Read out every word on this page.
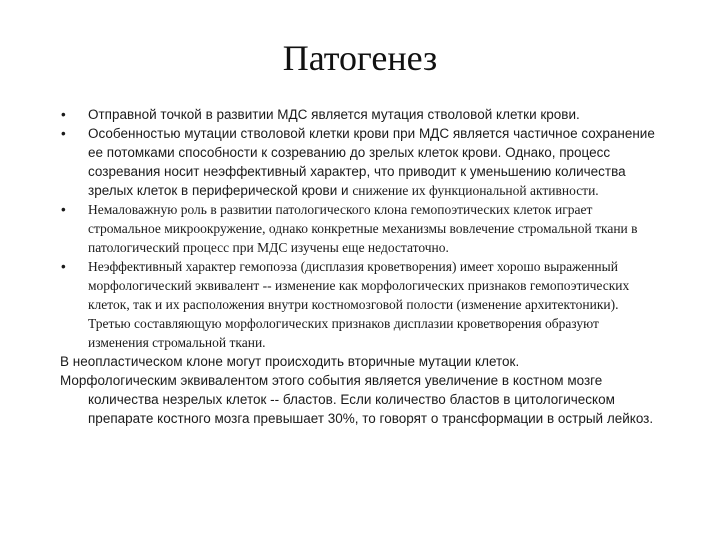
Патогенез
• Отправной точкой в развитии МДС является мутация стволовой клетки крови.
• Особенностью мутации стволовой клетки крови при МДС является частичное сохранение ее потомками способности к созреванию до зрелых клеток крови. Однако, процесс созревания носит неэффективный характер, что приводит к уменьшению количества зрелых клеток в периферической крови и снижение их функциональной активности.
• Немаловажную роль в развитии патологического клона гемопоэтических клеток играет стромальное микроокружение, однако конкретные механизмы вовлечение стромальной ткани в патологический процесс при МДС изучены еще недостаточно.
• Неэффективный характер гемопоэза (дисплазия кроветворения) имеет хорошо выраженный морфологический эквивалент -- изменение как морфологических признаков гемопоэтических клеток, так и их расположения внутри костномозговой полости (изменение архитектоники). Третью составляющую морфологических признаков дисплазии кроветворения образуют изменения стромальной ткани.
В неопластическом клоне могут происходить вторичные мутации клеток.
Морфологическим эквивалентом этого события является увеличение в костном мозге количества незрелых клеток -- бластов. Если количество бластов в цитологическом препарате костного мозга превышает 30%, то говорят о трансформации в острый лейкоз.
